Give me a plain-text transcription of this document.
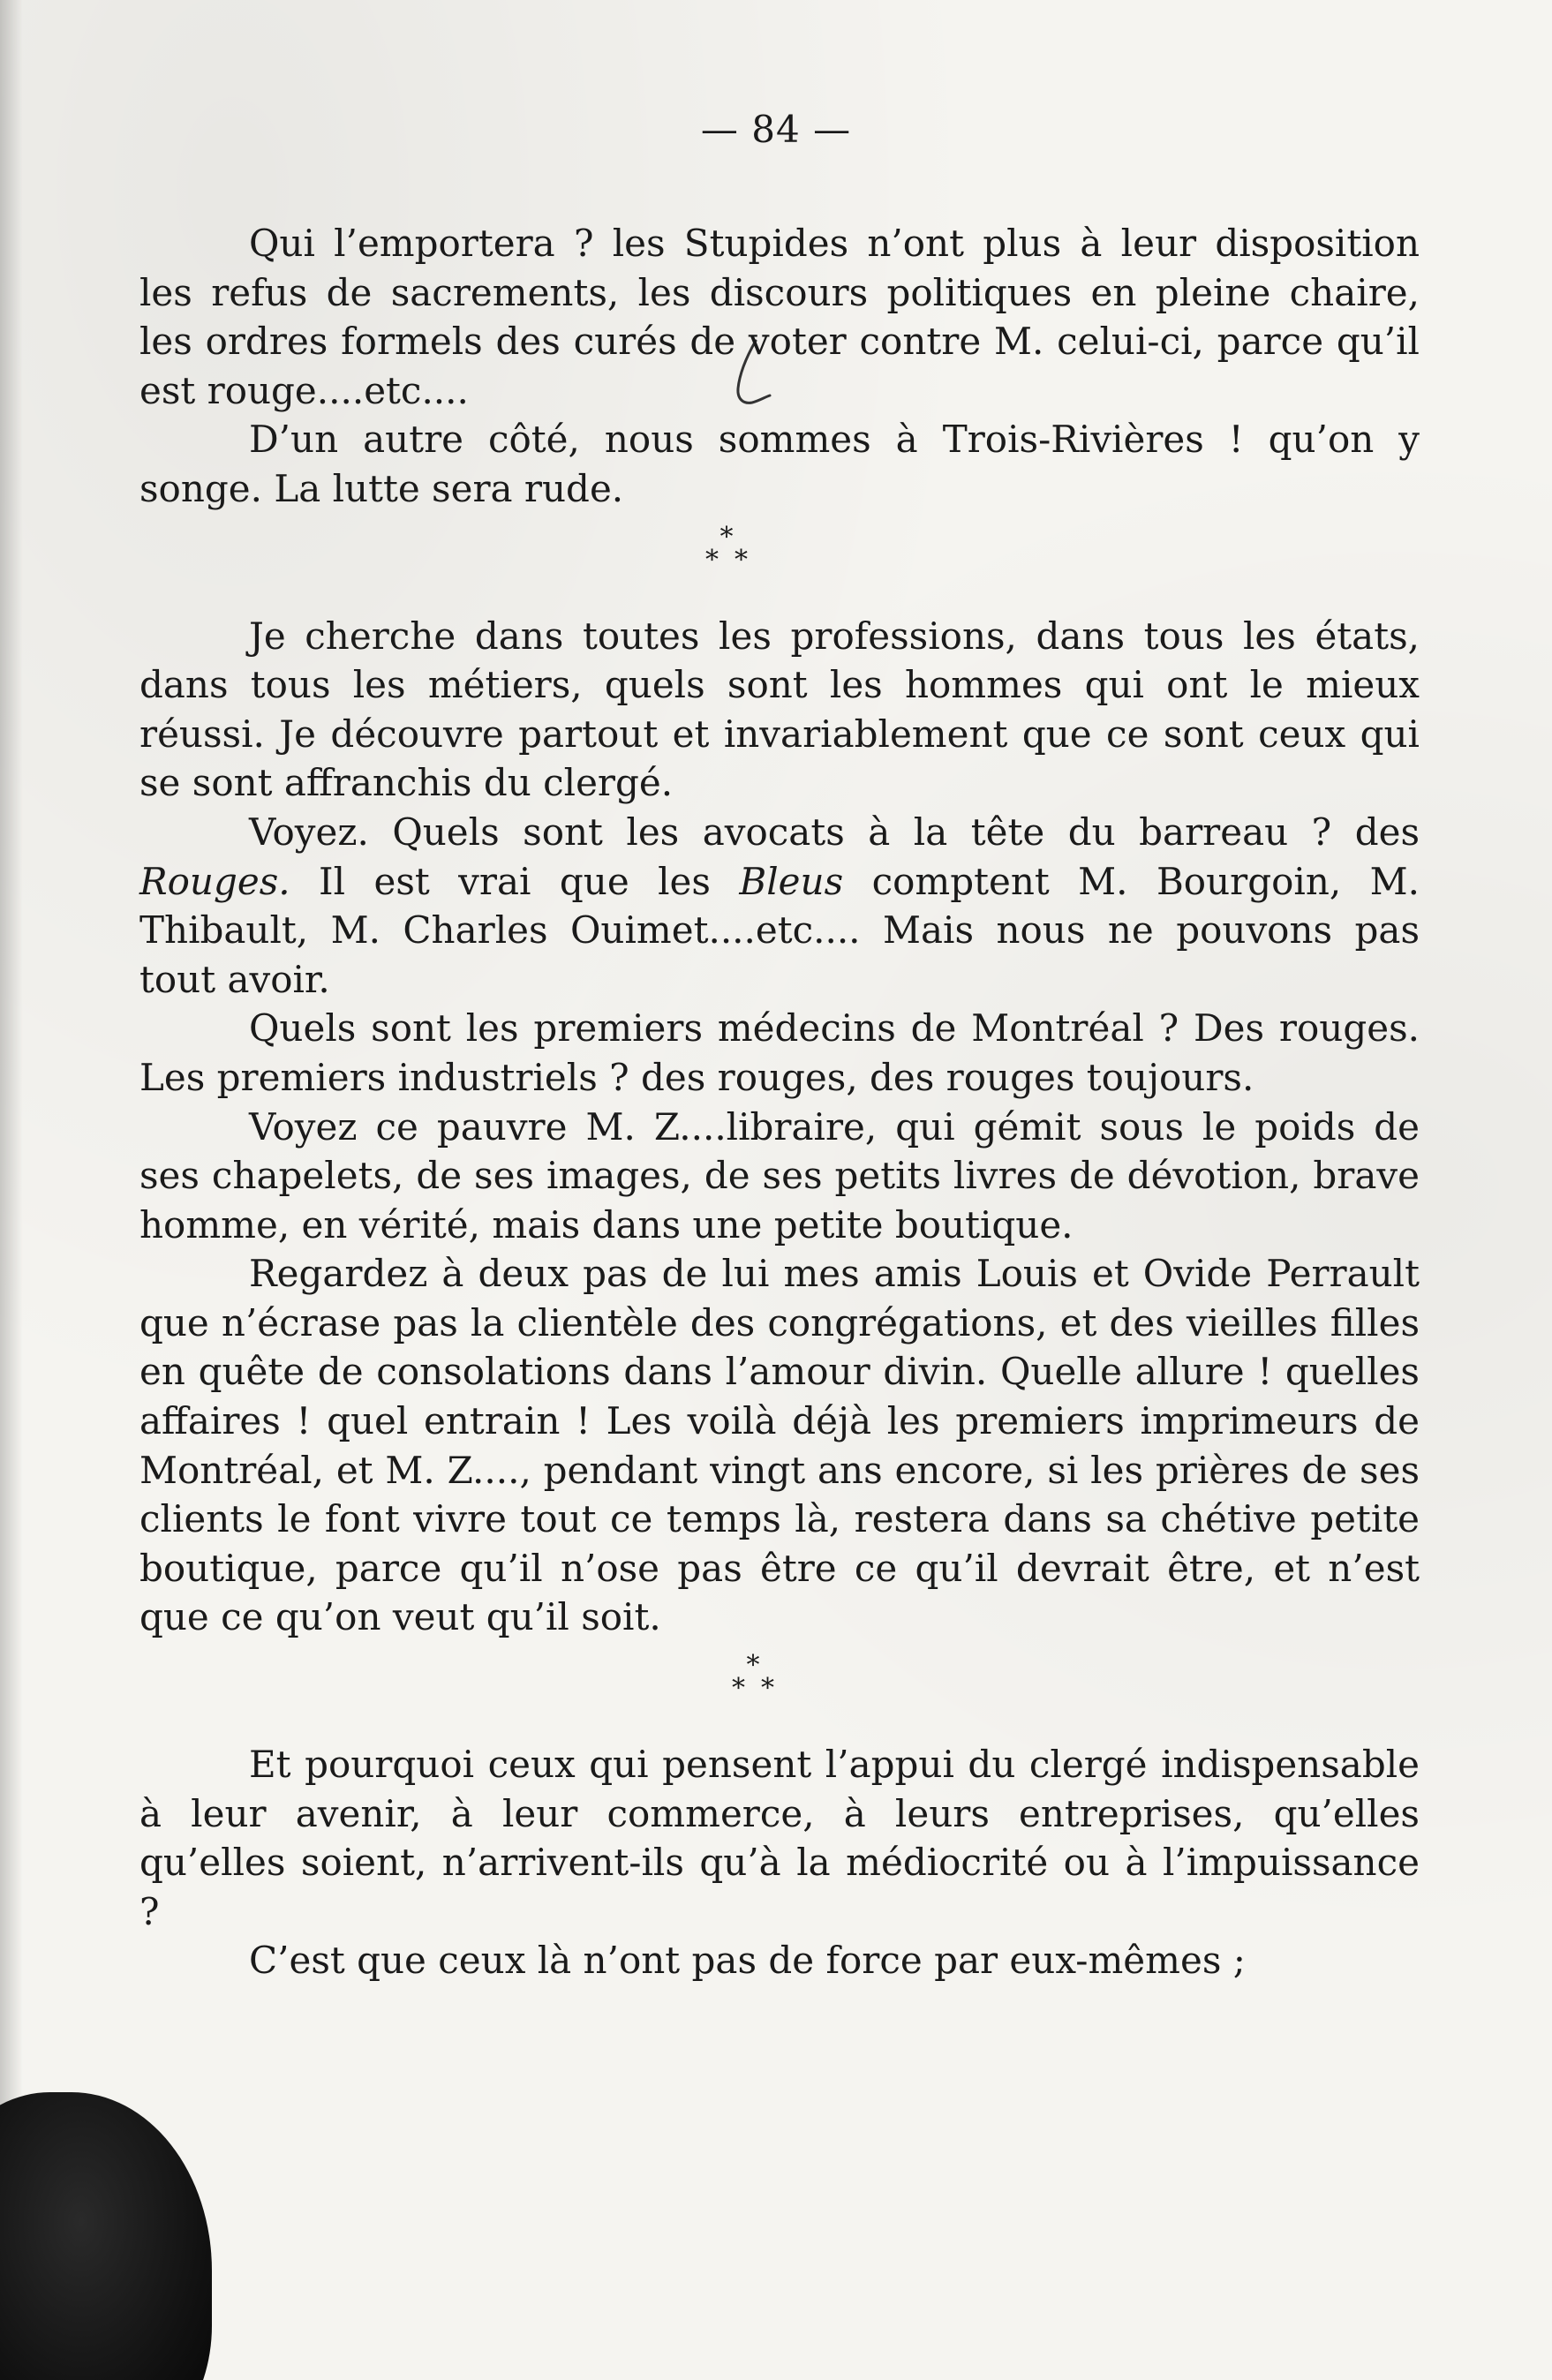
— 84 —

Qui l’emportera ? les Stupides n’ont plus à leur disposition les refus de sacrements, les discours politiques en pleine chaire, les ordres formels des curés de voter contre M. celui-ci, parce qu’il est rouge....etc....

D’un autre côté, nous sommes à Trois-Rivières ! qu’on y songe. La lutte sera rude.

*
**

Je cherche dans toutes les professions, dans tous les états, dans tous les métiers, quels sont les hommes qui ont le mieux réussi. Je découvre partout et invariablement que ce sont ceux qui se sont affranchis du clergé.

Voyez. Quels sont les avocats à la tête du barreau ? des Rouges. Il est vrai que les Bleus comptent M. Bourgoin, M. Thibault, M. Charles Ouimet....etc.... Mais nous ne pouvons pas tout avoir.

Quels sont les premiers médecins de Montréal ? Des rouges. Les premiers industriels ? des rouges, des rouges toujours.

Voyez ce pauvre M. Z....libraire, qui gémit sous le poids de ses chapelets, de ses images, de ses petits livres de dévotion, brave homme, en vérité, mais dans une petite boutique.

Regardez à deux pas de lui mes amis Louis et Ovide Perrault que n’écrase pas la clientèle des congrégations, et des vieilles filles en quête de consolations dans l’amour divin. Quelle allure ! quelles affaires ! quel entrain ! Les voilà déjà les premiers imprimeurs de Montréal, et M. Z...., pendant vingt ans encore, si les prières de ses clients le font vivre tout ce temps là, restera dans sa chétive petite boutique, parce qu’il n’ose pas être ce qu’il devrait être, et n’est que ce qu’on veut qu’il soit.

*
**

Et pourquoi ceux qui pensent l’appui du clergé indispensable à leur avenir, à leur commerce, à leurs entreprises, qu’elles qu’elles soient, n’arrivent-ils qu’à la médiocrité ou à l’impuissance ?

C’est que ceux là n’ont pas de force par eux-mêmes ;
